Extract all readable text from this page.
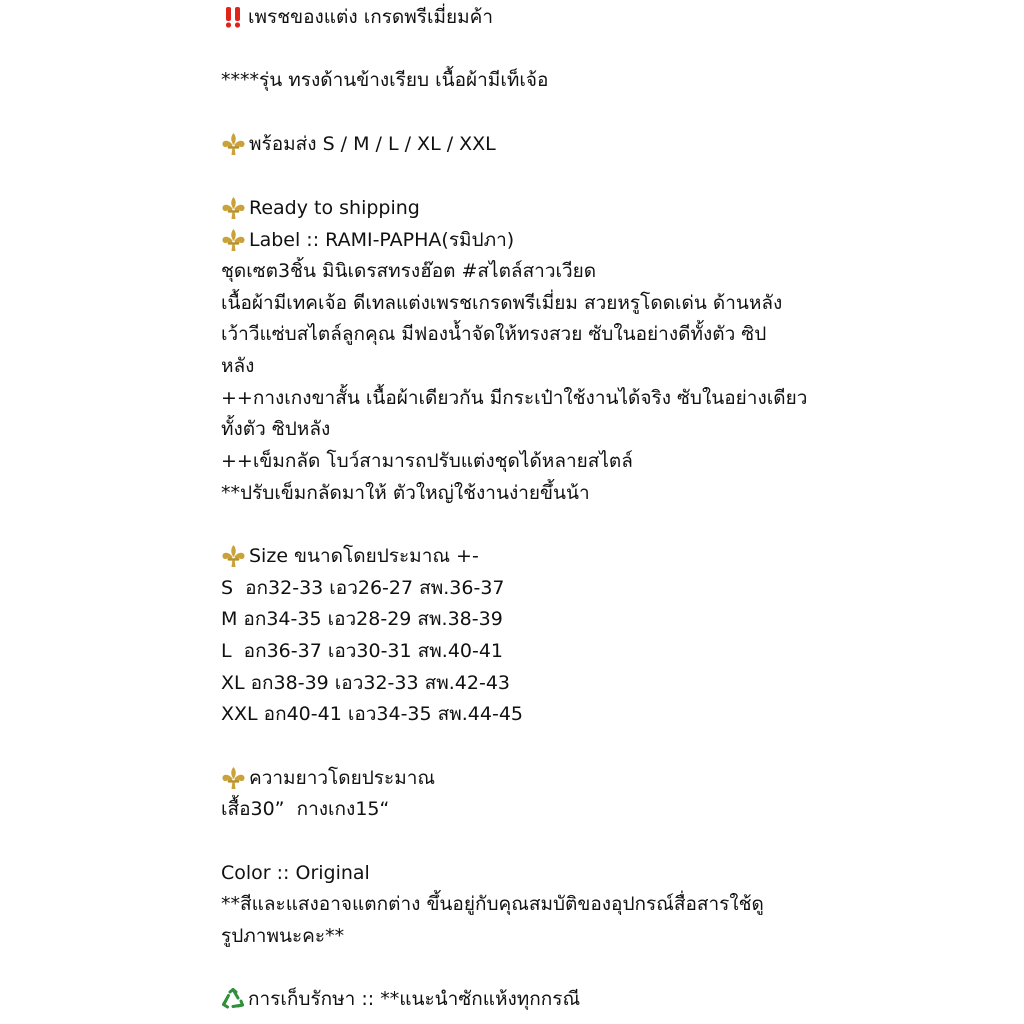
เพรชของแต่ง เกรดพรีเมี่ยมค้า
****รุ่น ทรงด้านข้างเรียบ เนื้อผ้ามีเท็เจ้อ
พร้อมส่ง S / M / L / XL / XXL
Ready to shipping
Label :: RAMI-PAPHA(รมิปภา)
ชุดเซต3ชิ้น มินิเดรสทรงฮ๊อต #สไตล์สาวเวียด
เนื้อผ้ามีเทคเจ้อ ดีเทลแต่งเพรชเกรดพรีเมี่ยม สวยหรูโดดเด่น ด้านหลัง
เว้าวีแซ่บสไตล์ลูกคุณ มีฟองน้ำจัดให้ทรงสวย ซับในอย่างดีทั้งตัว ซิป
หลัง
++กางเกงขาสั้น เนื้อผ้าเดียวกัน มีกระเป๋าใช้งานได้จริง ซับในอย่างเดียว
ทั้งตัว ซิปหลัง
++เข็มกลัด โบว์สามารถปรับแต่งชุดได้หลายสไตล์
**ปรับเข็มกลัดมาให้ ตัวใหญ่ใช้งานง่ายขึ้นน้า
Size ขนาดโดยประมาณ +-
S  อก32-33 เอว26-27 สพ.36-37
M อก34-35 เอว28-29 สพ.38-39
L  อก36-37 เอว30-31 สพ.40-41
XL อก38-39 เอว32-33 สพ.42-43
XXL อก40-41 เอว34-35 สพ.44-45
ความยาวโดยประมาณ
เสื้อ30”  กางเกง15“
Color :: Original
**สีและแสงอาจแตกต่าง ขึ้นอยู่กับคุณสมบัติของอุปกรณ์สื่อสารใช้ดู
รูปภาพนะคะ**
การเก็บรักษา :: **แนะนำซักแห้งทุกกรณี
